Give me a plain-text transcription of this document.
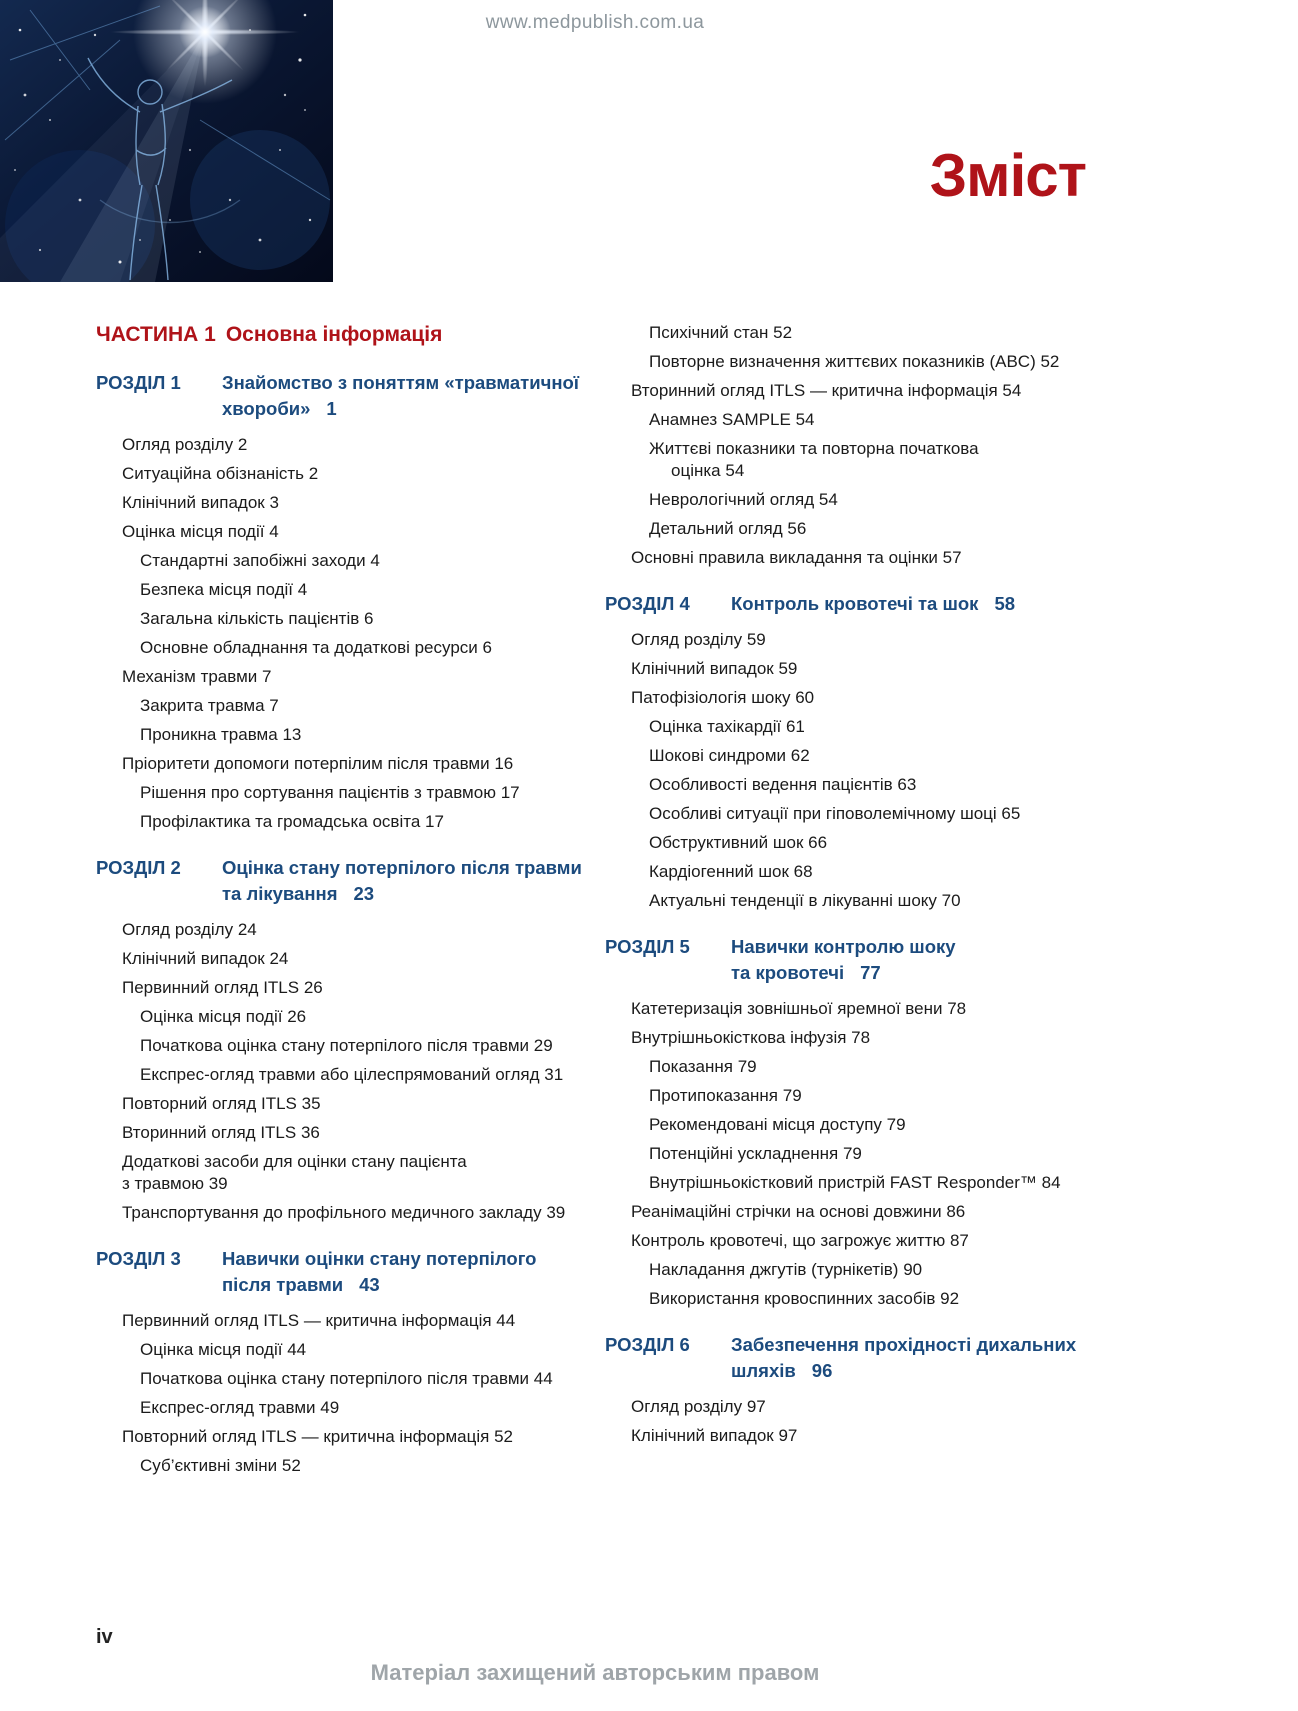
www.medpublish.com.ua
Зміст
ЧАСТИНА 1 Основна інформація
РОЗДІЛ 1	Знайомство з поняттям «травматичної
хвороби» 1
Огляд розділу 2
Ситуаційна обізнаність 2
Клінічний випадок 3
Оцінка місця події 4
Стандартні запобіжні заходи 4
Безпека місця події 4
Загальна кількість пацієнтів 6
Основне обладнання та додаткові ресурси 6
Механізм травми 7
Закрита травма 7
Проникна травма 13
Пріоритети допомоги потерпілим після травми 16
Рішення про сортування пацієнтів з травмою 17
Профілактика та громадська освіта 17
РОЗДІЛ 2	Оцінка стану потерпілого після травми
та лікування 23
Огляд розділу 24
Клінічний випадок 24
Первинний огляд ITLS 26
Оцінка місця події 26
Початкова оцінка стану потерпілого після травми 29
Експрес-огляд травми або цілеспрямований огляд 31
Повторний огляд ITLS 35
Вторинний огляд ITLS 36
Додаткові засоби для оцінки стану пацієнта
з травмою 39
Транспортування до профільного медичного закладу 39
РОЗДІЛ 3	Навички оцінки стану потерпілого
після травми 43
Первинний огляд ITLS — критична інформація 44
Оцінка місця події 44
Початкова оцінка стану потерпілого після травми 44
Експрес-огляд травми 49
Повторний огляд ITLS — критична інформація 52
Суб’єктивні зміни 52
Психічний стан 52
Повторне визначення життєвих показників (ABC) 52
Вторинний огляд ITLS — критична інформація 54
Анамнез SAMPLE 54
Життєві показники та повторна початкова
оцінка 54
Неврологічний огляд 54
Детальний огляд 56
Основні правила викладання та оцінки 57
РОЗДІЛ 4	Контроль кровотечі та шок 58
Огляд розділу 59
Клінічний випадок 59
Патофізіологія шоку 60
Оцінка тахікардії 61
Шокові синдроми 62
Особливості ведення пацієнтів 63
Особливі ситуації при гіповолемічному шоці 65
Обструктивний шок 66
Кардіогенний шок 68
Актуальні тенденції в лікуванні шоку 70
РОЗДІЛ 5	Навички контролю шоку
та кровотечі 77
Катетеризація зовнішньої яремної вени 78
Внутрішньокісткова інфузія 78
Показання 79
Протипоказання 79
Рекомендовані місця доступу 79
Потенційні ускладнення 79
Внутрішньокістковий пристрій FAST Responder™ 84
Реанімаційні стрічки на основі довжини 86
Контроль кровотечі, що загрожує життю 87
Накладання джгутів (турнікетів) 90
Використання кровоспинних засобів 92
РОЗДІЛ 6	Забезпечення прохідності дихальних
шляхів 96
Огляд розділу 97
Клінічний випадок 97
iv
Матеріал захищений авторським правом
